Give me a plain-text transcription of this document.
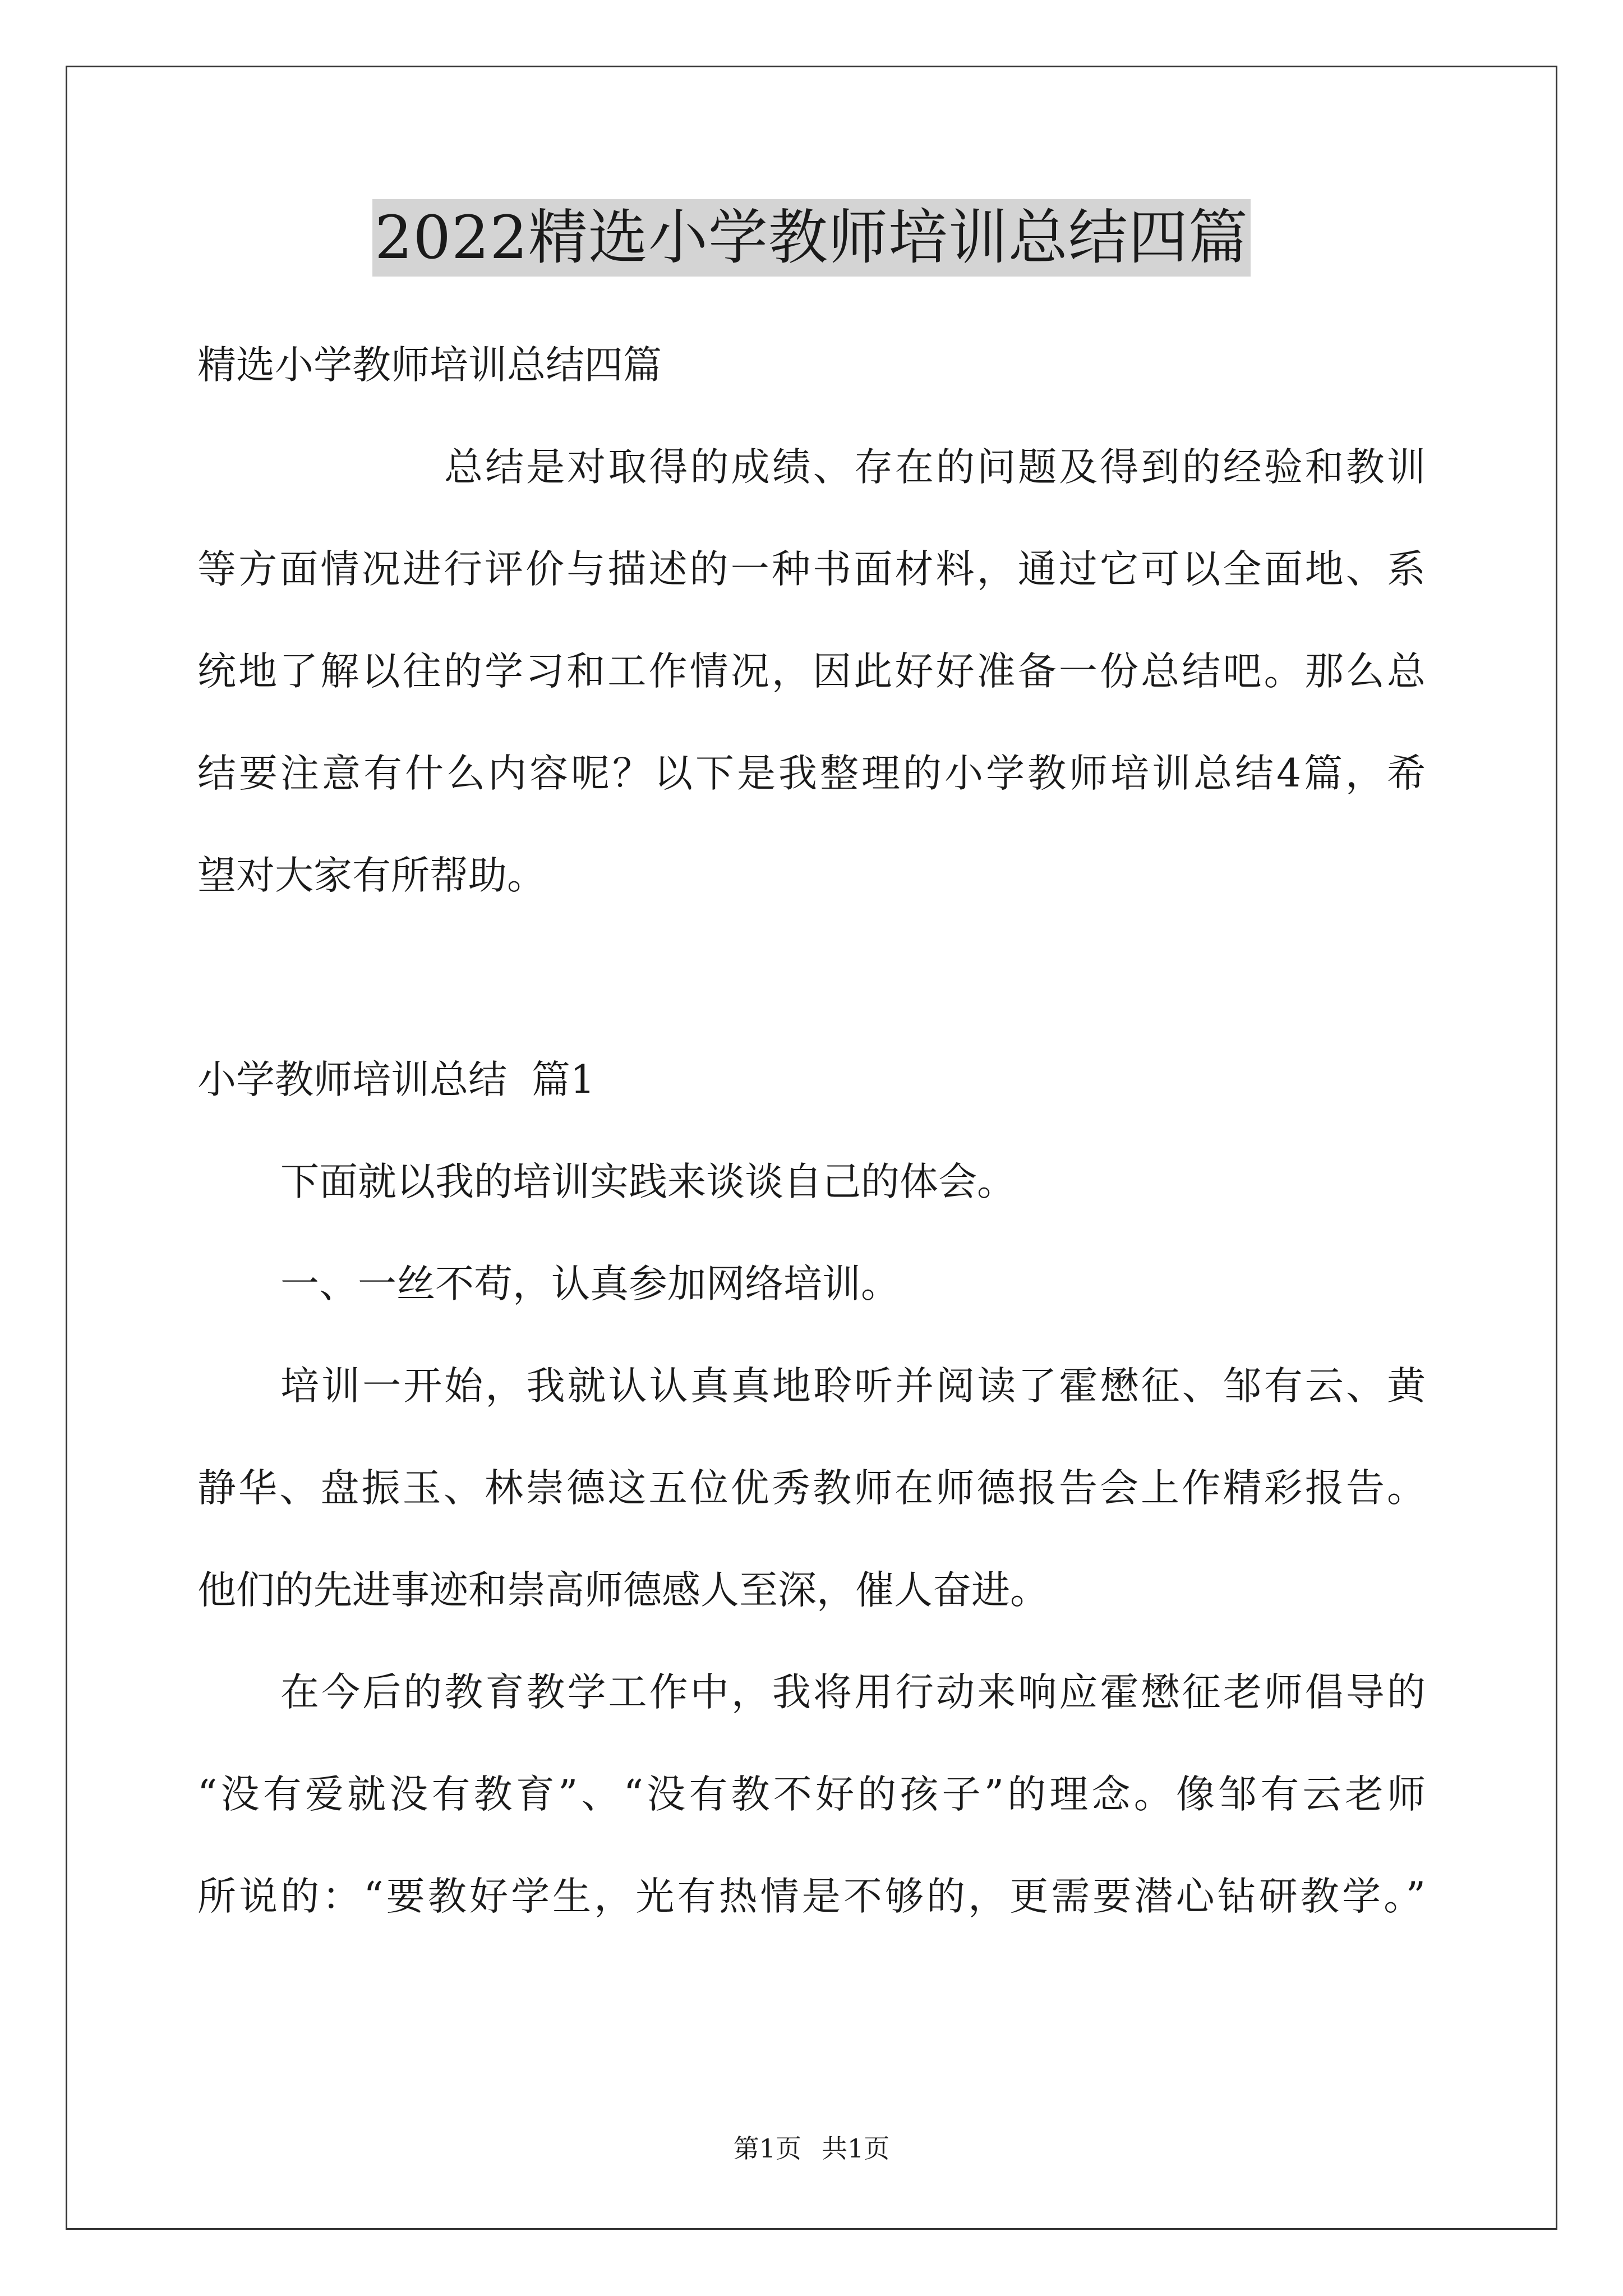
2022精选小学教师培训总结四篇
精选小学教师培训总结四篇
总结是对取得的成绩、存在的问题及得到的经验和教训
等方面情况进行评价与描述的一种书面材料，通过它可以全面地、系
统地了解以往的学习和工作情况，因此好好准备一份总结吧。那么总
结要注意有什么内容呢？以下是我整理的小学教师培训总结4篇，希
望对大家有所帮助。
小学教师培训总结  篇1
下面就以我的培训实践来谈谈自己的体会。
一、一丝不苟，认真参加网络培训。
培训一开始，我就认认真真地聆听并阅读了霍懋征、邹有云、黄
静华、盘振玉、林崇德这五位优秀教师在师德报告会上作精彩报告。
他们的先进事迹和崇高师德感人至深，催人奋进。
在今后的教育教学工作中，我将用行动来响应霍懋征老师倡导的
“没有爱就没有教育”、“没有教不好的孩子”的理念。像邹有云老师
所说的：“要教好学生，光有热情是不够的，更需要潜心钻研教学。”
第1页 共1页
